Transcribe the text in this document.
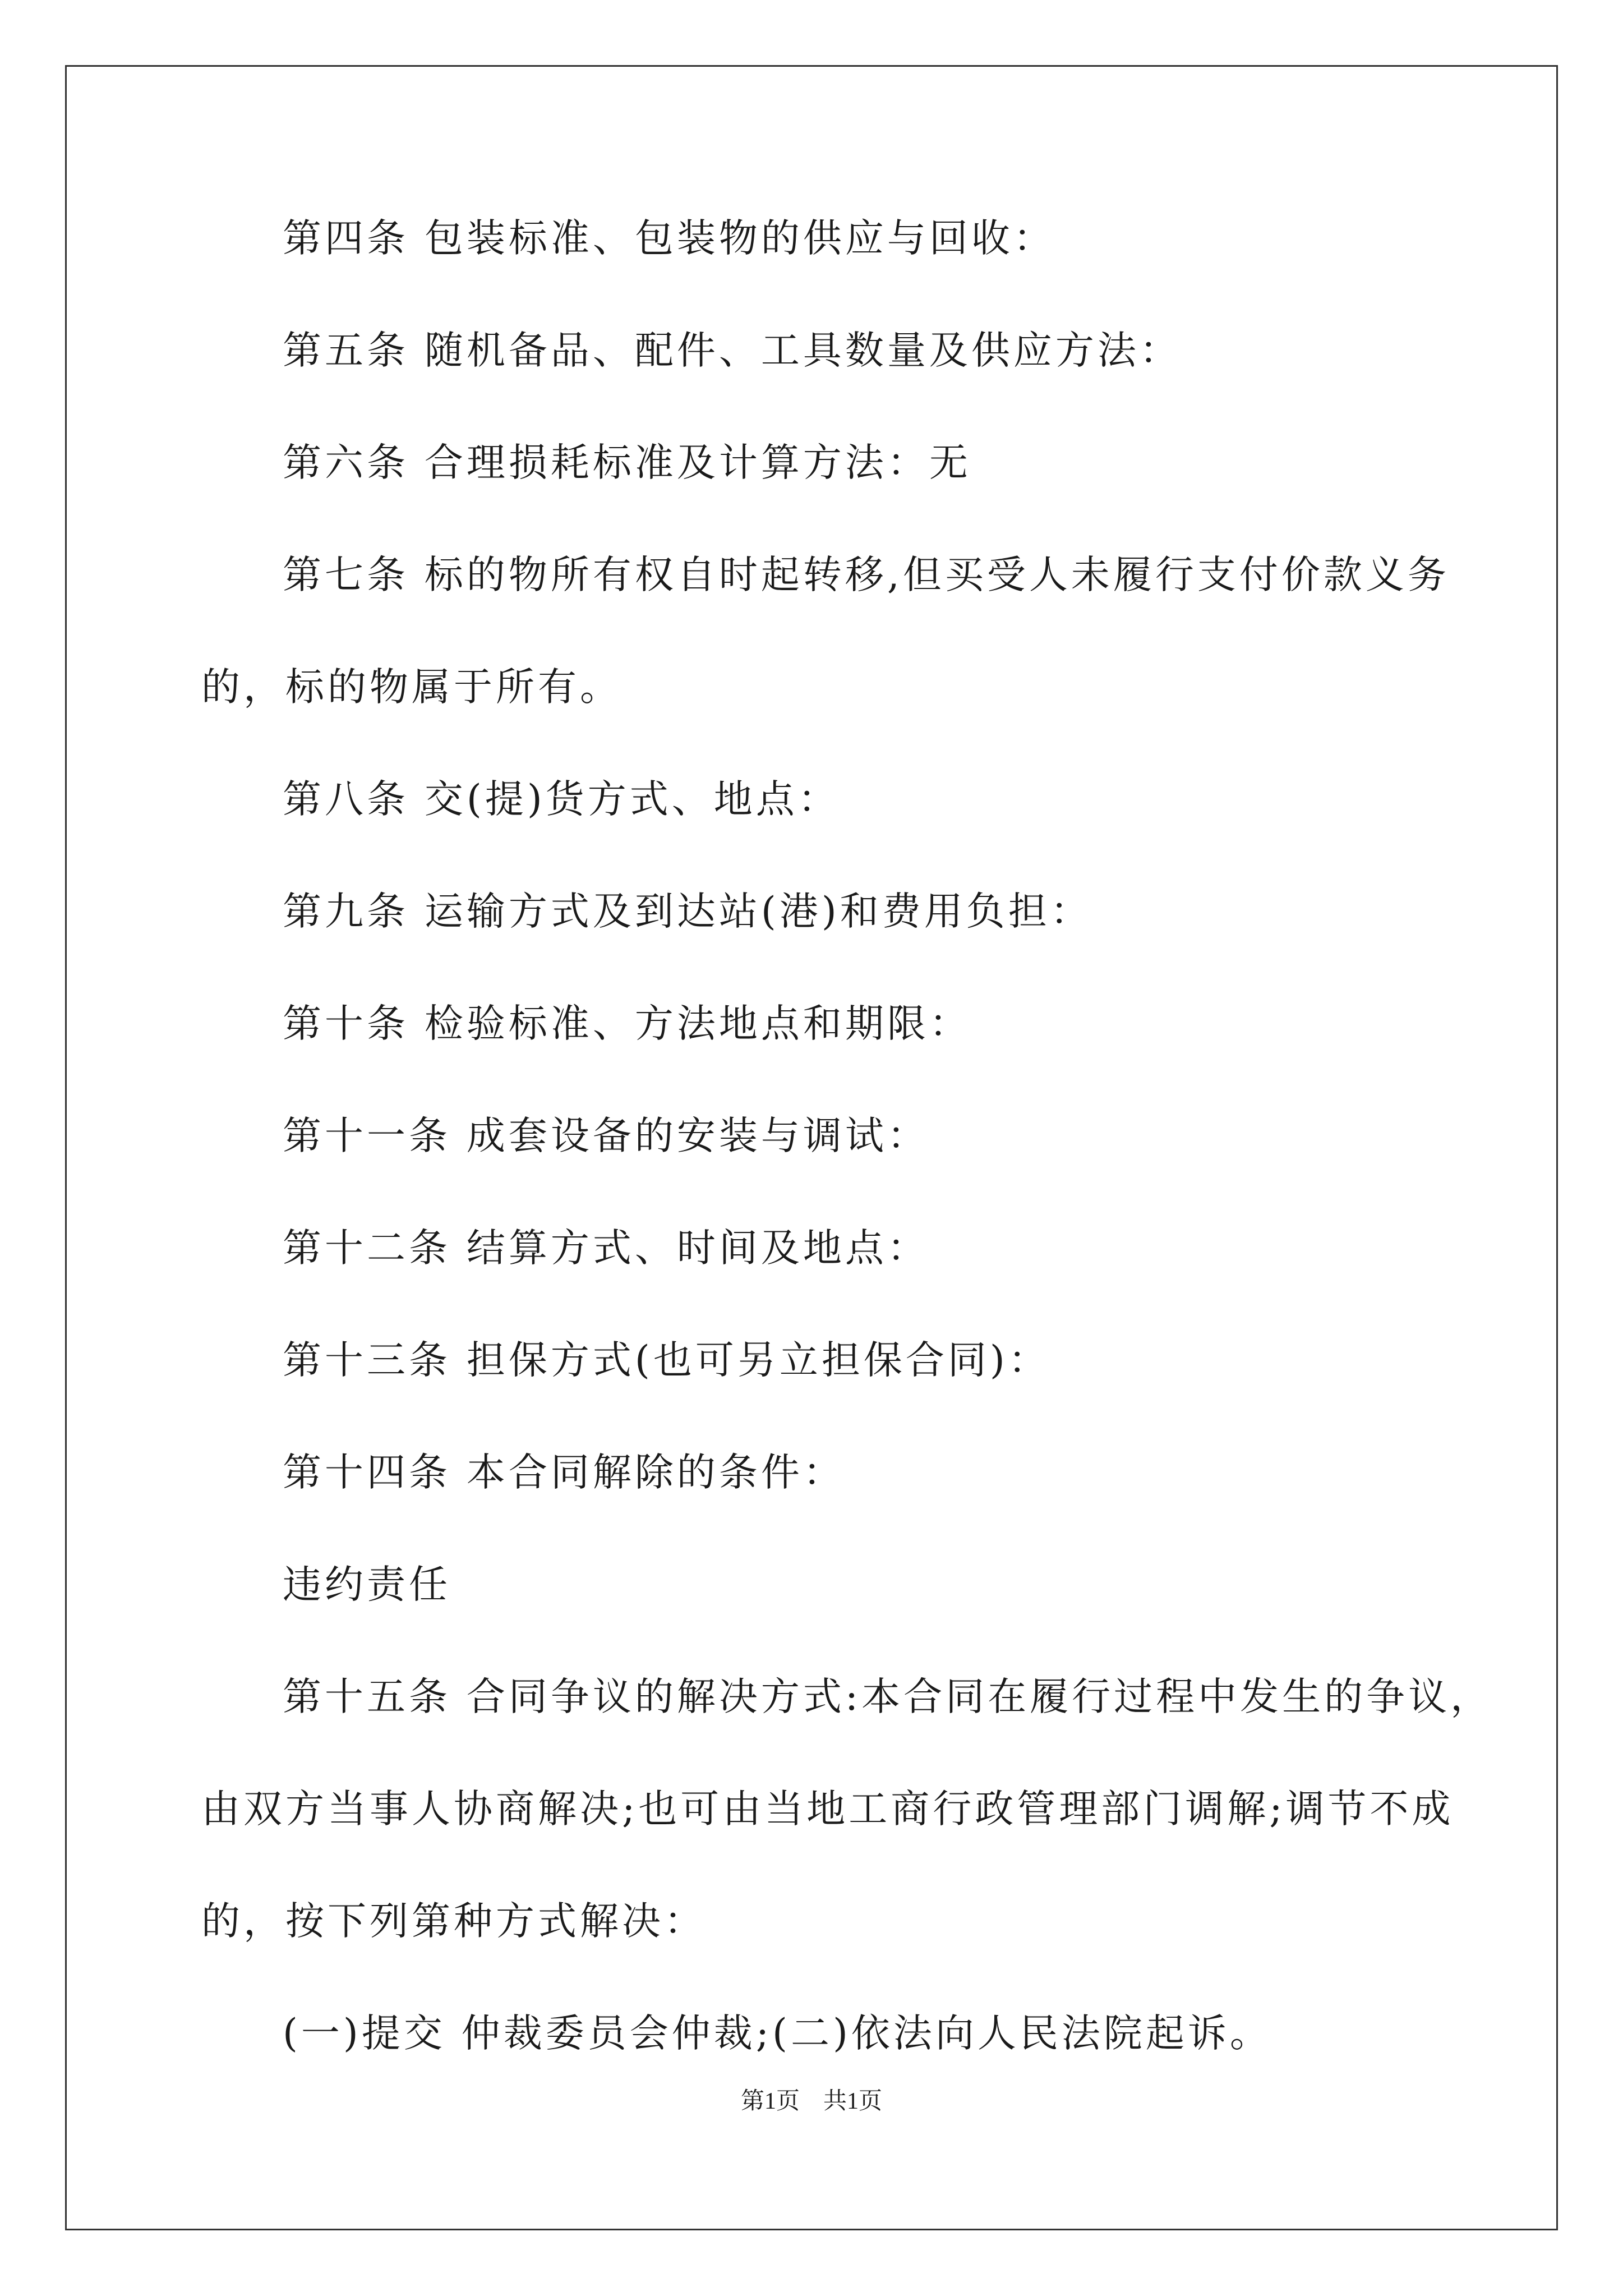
第四条 包装标准、包装物的供应与回收：
第五条 随机备品、配件、工具数量及供应方法：
第六条 合理损耗标准及计算方法：无
第七条 标的物所有权自时起转移,但买受人未履行支付价款义务
的，标的物属于所有。
第八条 交(提)货方式、地点：
第九条 运输方式及到达站(港)和费用负担：
第十条 检验标准、方法地点和期限：
第十一条 成套设备的安装与调试：
第十二条 结算方式、时间及地点：
第十三条 担保方式(也可另立担保合同)：
第十四条 本合同解除的条件：
违约责任
第十五条 合同争议的解决方式:本合同在履行过程中发生的争议，
由双方当事人协商解决;也可由当地工商行政管理部门调解;调节不成
的，按下列第种方式解决：
(一)提交 仲裁委员会仲裁;(二)依法向人民法院起诉。
第1页　共1页
